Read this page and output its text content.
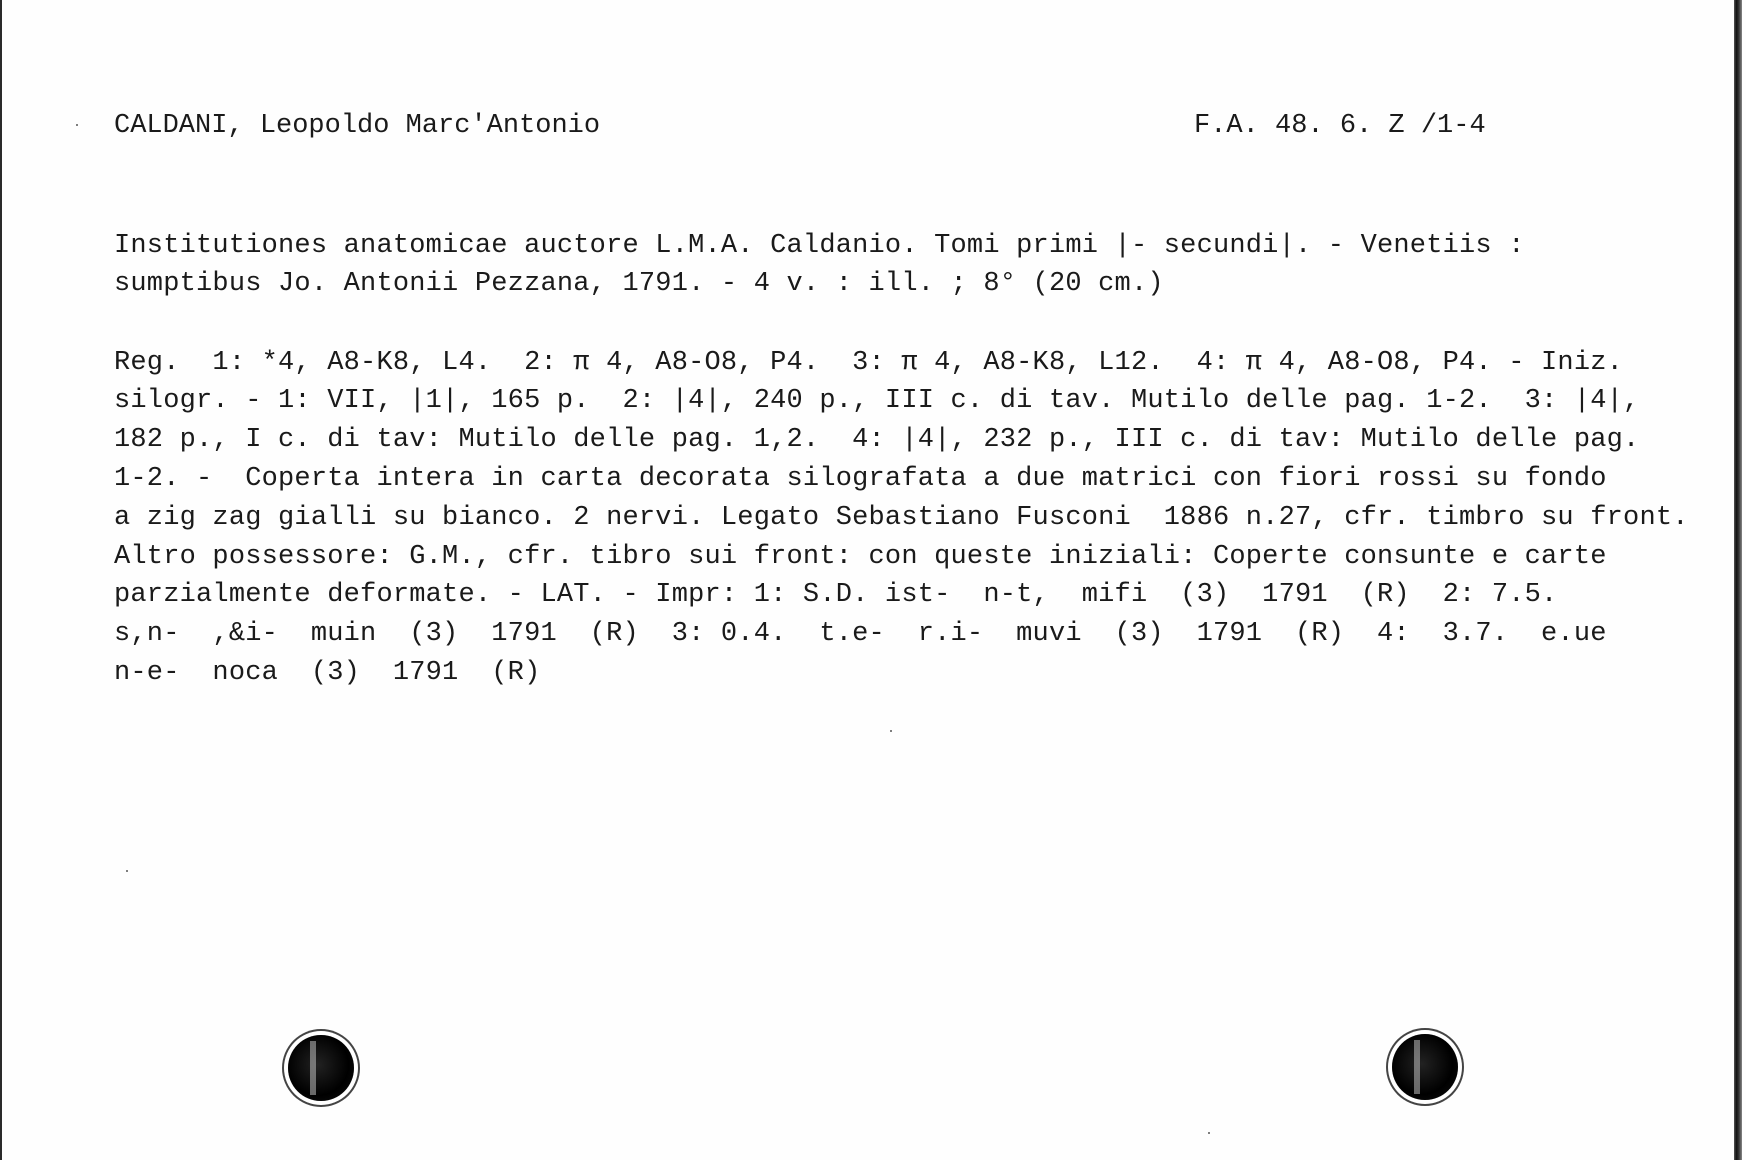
CALDANI, Leopoldo Marc'Antonio	F.A. 48. 6. Z /1-4
Institutiones anatomicae auctore L.M.A. Caldanio. Tomi primi |- secundi|. - Venetiis :
sumptibus Jo. Antonii Pezzana, 1791. - 4 v. : ill. ; 8° (20 cm.)
Reg.  1: *4, A8-K8, L4.  2: π 4, A8-O8, P4.  3: π 4, A8-K8, L12.  4: π 4, A8-O8, P4. - Iniz.
silogr. - 1: VII, |1|, 165 p.  2: |4|, 240 p., III c. di tav. Mutilo delle pag. 1-2.  3: |4|,
182 p., I c. di tav: Mutilo delle pag. 1,2.  4: |4|, 232 p., III c. di tav: Mutilo delle pag.
1-2. -  Coperta intera in carta decorata silografata a due matrici con fiori rossi su fondo
a zig zag gialli su bianco. 2 nervi. Legato Sebastiano Fusconi  1886 n.27, cfr. timbro su front.
Altro possessore: G.M., cfr. tibro sui front: con queste iniziali: Coperte consunte e carte
parzialmente deformate. - LAT. - Impr: 1: S.D. ist-  n-t,  mifi  (3)  1791  (R)  2: 7.5.
s,n-  ,&i-  muin  (3)  1791  (R)  3: 0.4.  t.e-  r.i-  muvi  (3)  1791  (R)  4:  3.7.  e.ue
n-e-  noca  (3)  1791  (R)
